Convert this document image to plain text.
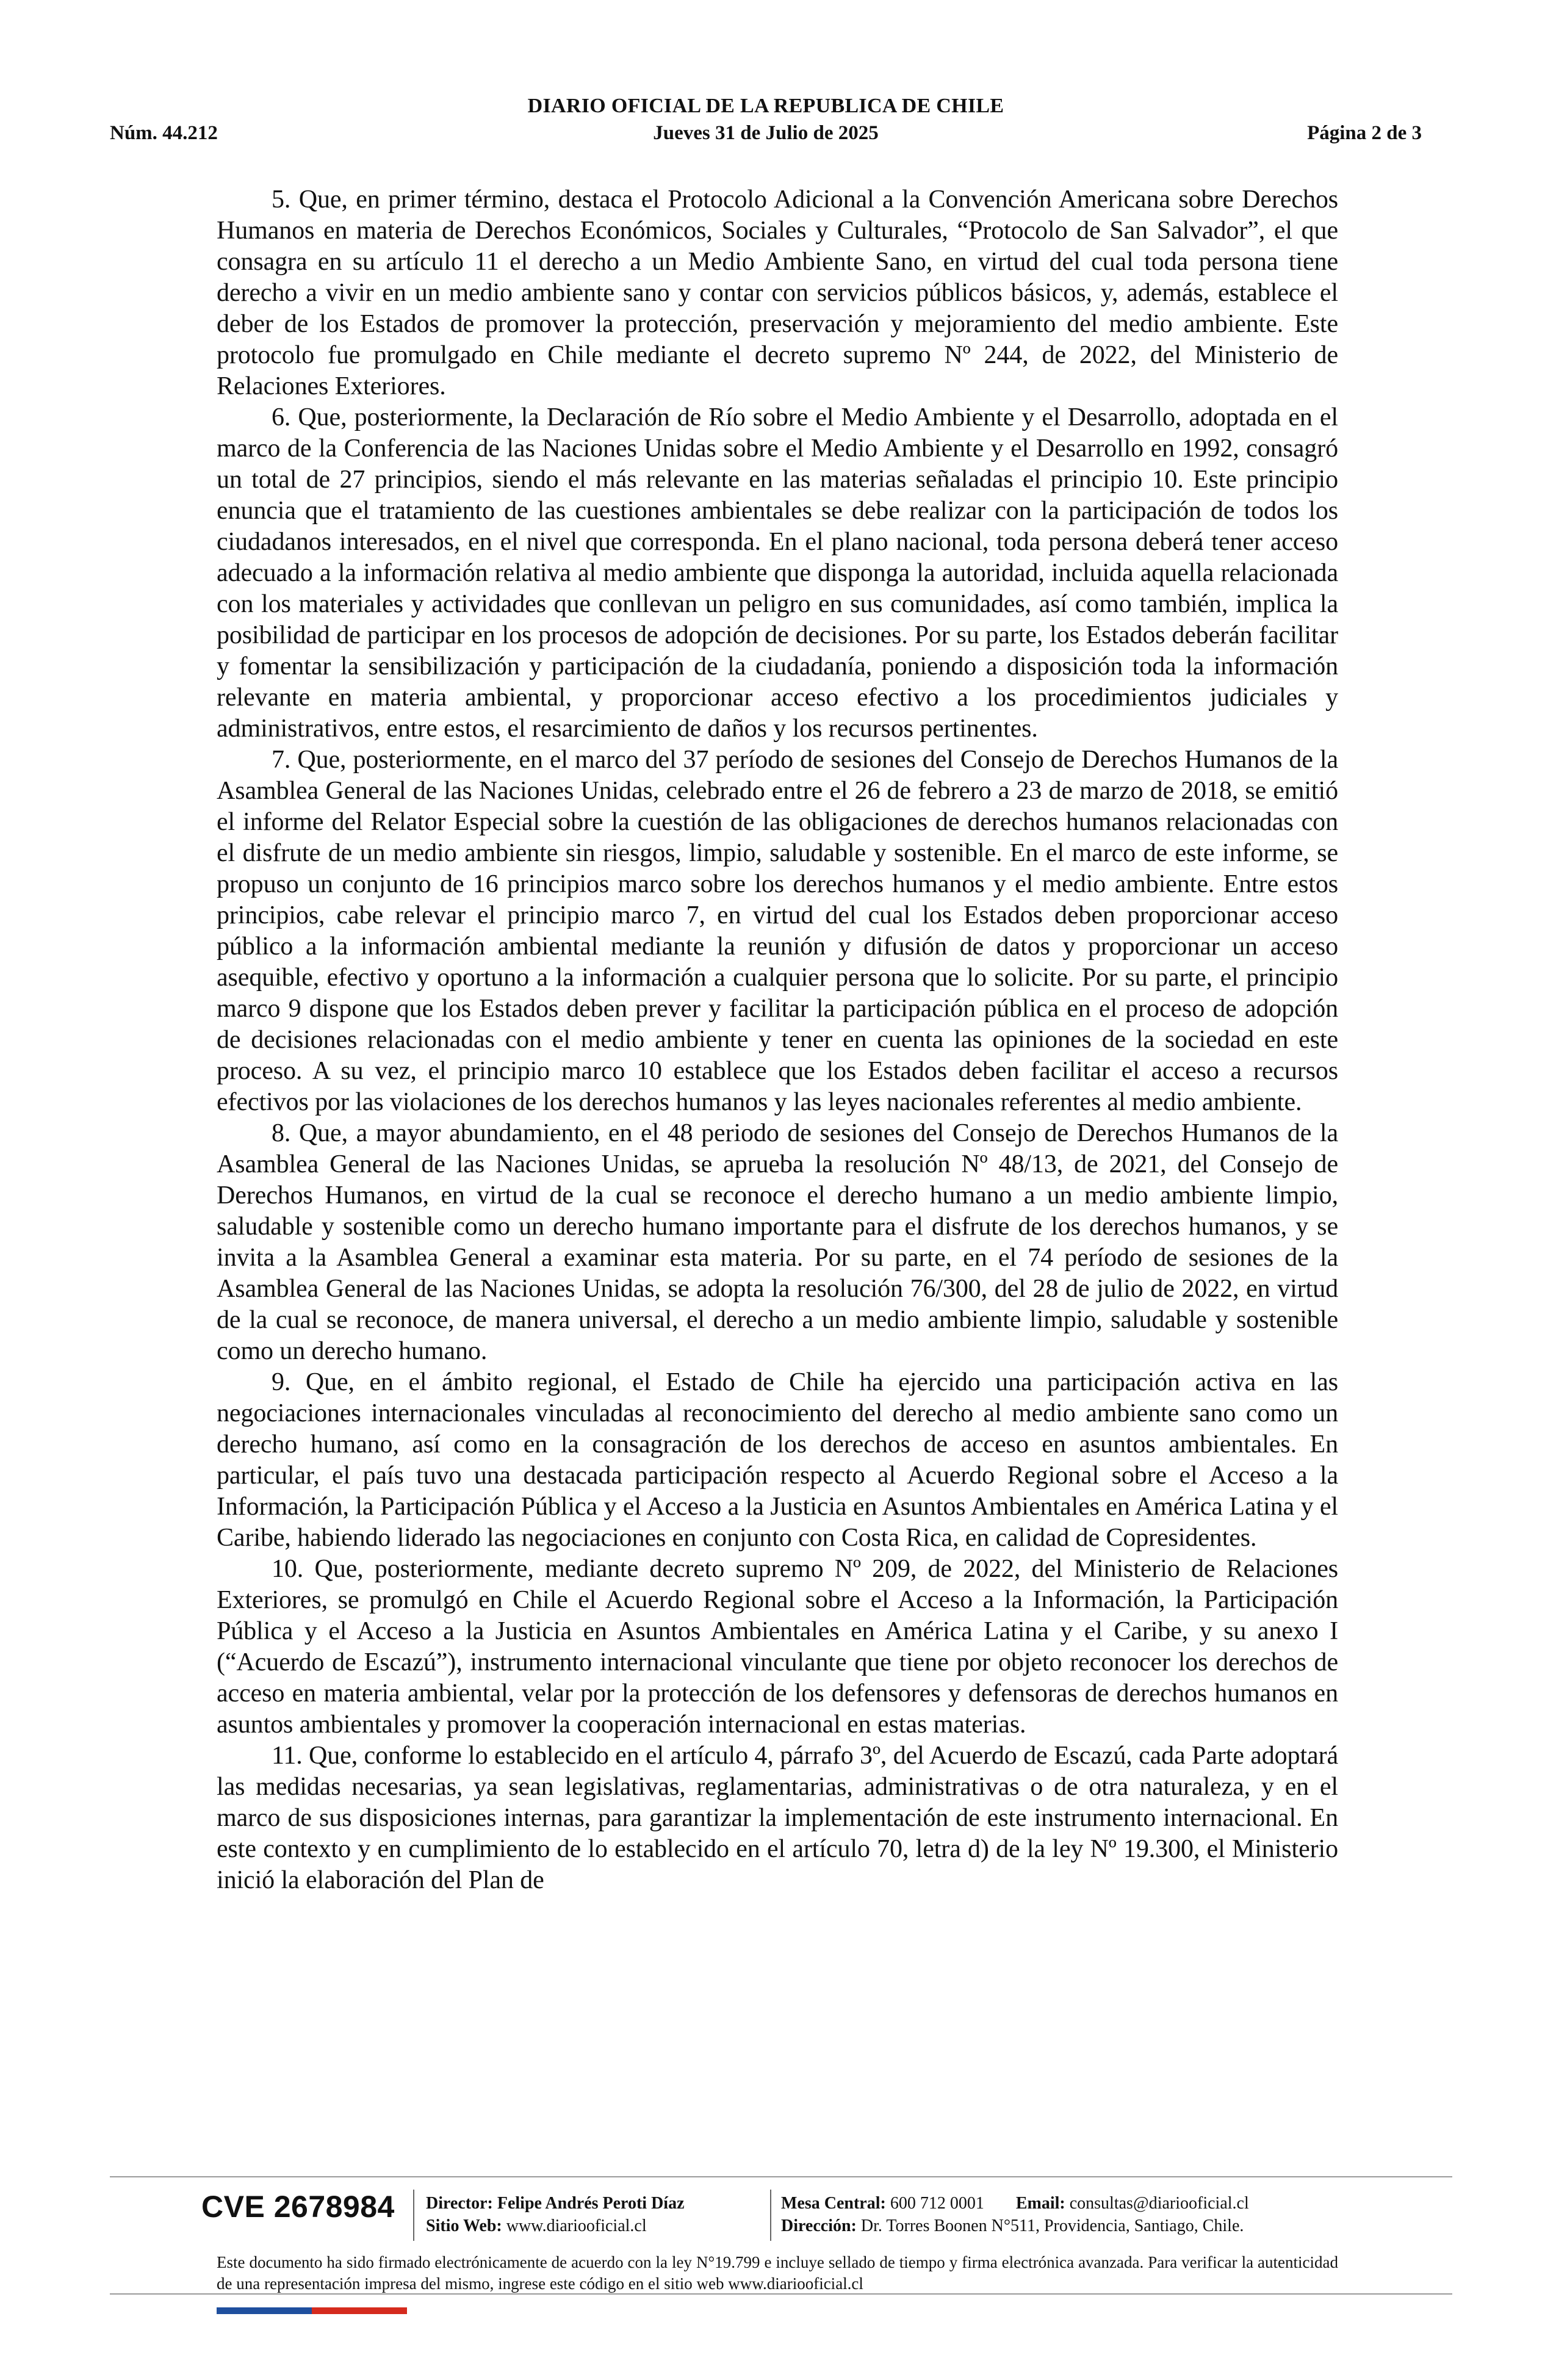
DIARIO OFICIAL DE LA REPUBLICA DE CHILE
Núm. 44.212	Jueves 31 de Julio de 2025	Página 2 de 3

5. Que, en primer término, destaca el Protocolo Adicional a la Convención Americana sobre Derechos Humanos en materia de Derechos Económicos, Sociales y Culturales, “Protocolo de San Salvador”, el que consagra en su artículo 11 el derecho a un Medio Ambiente Sano, en virtud del cual toda persona tiene derecho a vivir en un medio ambiente sano y contar con servicios públicos básicos, y, además, establece el deber de los Estados de promover la protección, preservación y mejoramiento del medio ambiente. Este protocolo fue promulgado en Chile mediante el decreto supremo Nº 244, de 2022, del Ministerio de Relaciones Exteriores.

6. Que, posteriormente, la Declaración de Río sobre el Medio Ambiente y el Desarrollo, adoptada en el marco de la Conferencia de las Naciones Unidas sobre el Medio Ambiente y el Desarrollo en 1992, consagró un total de 27 principios, siendo el más relevante en las materias señaladas el principio 10. Este principio enuncia que el tratamiento de las cuestiones ambientales se debe realizar con la participación de todos los ciudadanos interesados, en el nivel que corresponda. En el plano nacional, toda persona deberá tener acceso adecuado a la información relativa al medio ambiente que disponga la autoridad, incluida aquella relacionada con los materiales y actividades que conllevan un peligro en sus comunidades, así como también, implica la posibilidad de participar en los procesos de adopción de decisiones. Por su parte, los Estados deberán facilitar y fomentar la sensibilización y participación de la ciudadanía, poniendo a disposición toda la información relevante en materia ambiental, y proporcionar acceso efectivo a los procedimientos judiciales y administrativos, entre estos, el resarcimiento de daños y los recursos pertinentes.

7. Que, posteriormente, en el marco del 37 período de sesiones del Consejo de Derechos Humanos de la Asamblea General de las Naciones Unidas, celebrado entre el 26 de febrero a 23 de marzo de 2018, se emitió el informe del Relator Especial sobre la cuestión de las obligaciones de derechos humanos relacionadas con el disfrute de un medio ambiente sin riesgos, limpio, saludable y sostenible. En el marco de este informe, se propuso un conjunto de 16 principios marco sobre los derechos humanos y el medio ambiente. Entre estos principios, cabe relevar el principio marco 7, en virtud del cual los Estados deben proporcionar acceso público a la información ambiental mediante la reunión y difusión de datos y proporcionar un acceso asequible, efectivo y oportuno a la información a cualquier persona que lo solicite. Por su parte, el principio marco 9 dispone que los Estados deben prever y facilitar la participación pública en el proceso de adopción de decisiones relacionadas con el medio ambiente y tener en cuenta las opiniones de la sociedad en este proceso. A su vez, el principio marco 10 establece que los Estados deben facilitar el acceso a recursos efectivos por las violaciones de los derechos humanos y las leyes nacionales referentes al medio ambiente.

8. Que, a mayor abundamiento, en el 48 periodo de sesiones del Consejo de Derechos Humanos de la Asamblea General de las Naciones Unidas, se aprueba la resolución Nº 48/13, de 2021, del Consejo de Derechos Humanos, en virtud de la cual se reconoce el derecho humano a un medio ambiente limpio, saludable y sostenible como un derecho humano importante para el disfrute de los derechos humanos, y se invita a la Asamblea General a examinar esta materia. Por su parte, en el 74 período de sesiones de la Asamblea General de las Naciones Unidas, se adopta la resolución 76/300, del 28 de julio de 2022, en virtud de la cual se reconoce, de manera universal, el derecho a un medio ambiente limpio, saludable y sostenible como un derecho humano.

9. Que, en el ámbito regional, el Estado de Chile ha ejercido una participación activa en las negociaciones internacionales vinculadas al reconocimiento del derecho al medio ambiente sano como un derecho humano, así como en la consagración de los derechos de acceso en asuntos ambientales. En particular, el país tuvo una destacada participación respecto al Acuerdo Regional sobre el Acceso a la Información, la Participación Pública y el Acceso a la Justicia en Asuntos Ambientales en América Latina y el Caribe, habiendo liderado las negociaciones en conjunto con Costa Rica, en calidad de Copresidentes.

10. Que, posteriormente, mediante decreto supremo Nº 209, de 2022, del Ministerio de Relaciones Exteriores, se promulgó en Chile el Acuerdo Regional sobre el Acceso a la Información, la Participación Pública y el Acceso a la Justicia en Asuntos Ambientales en América Latina y el Caribe, y su anexo I (“Acuerdo de Escazú”), instrumento internacional vinculante que tiene por objeto reconocer los derechos de acceso en materia ambiental, velar por la protección de los defensores y defensoras de derechos humanos en asuntos ambientales y promover la cooperación internacional en estas materias.

11. Que, conforme lo establecido en el artículo 4, párrafo 3º, del Acuerdo de Escazú, cada Parte adoptará las medidas necesarias, ya sean legislativas, reglamentarias, administrativas o de otra naturaleza, y en el marco de sus disposiciones internas, para garantizar la implementación de este instrumento internacional. En este contexto y en cumplimiento de lo establecido en el artículo 70, letra d) de la ley Nº 19.300, el Ministerio inició la elaboración del Plan de

CVE 2678984 Director: Felipe Andrés Peroti Díaz
Sitio Web: www.diariooficial.cl
Mesa Central: 600 712 0001 Email: consultas@diariooficial.cl
Dirección: Dr. Torres Boonen N°511, Providencia, Santiago, Chile.
Este documento ha sido firmado electrónicamente de acuerdo con la ley N°19.799 e incluye sellado de tiempo y firma electrónica avanzada. Para verificar la autenticidad de una representación impresa del mismo, ingrese este código en el sitio web www.diariooficial.cl
